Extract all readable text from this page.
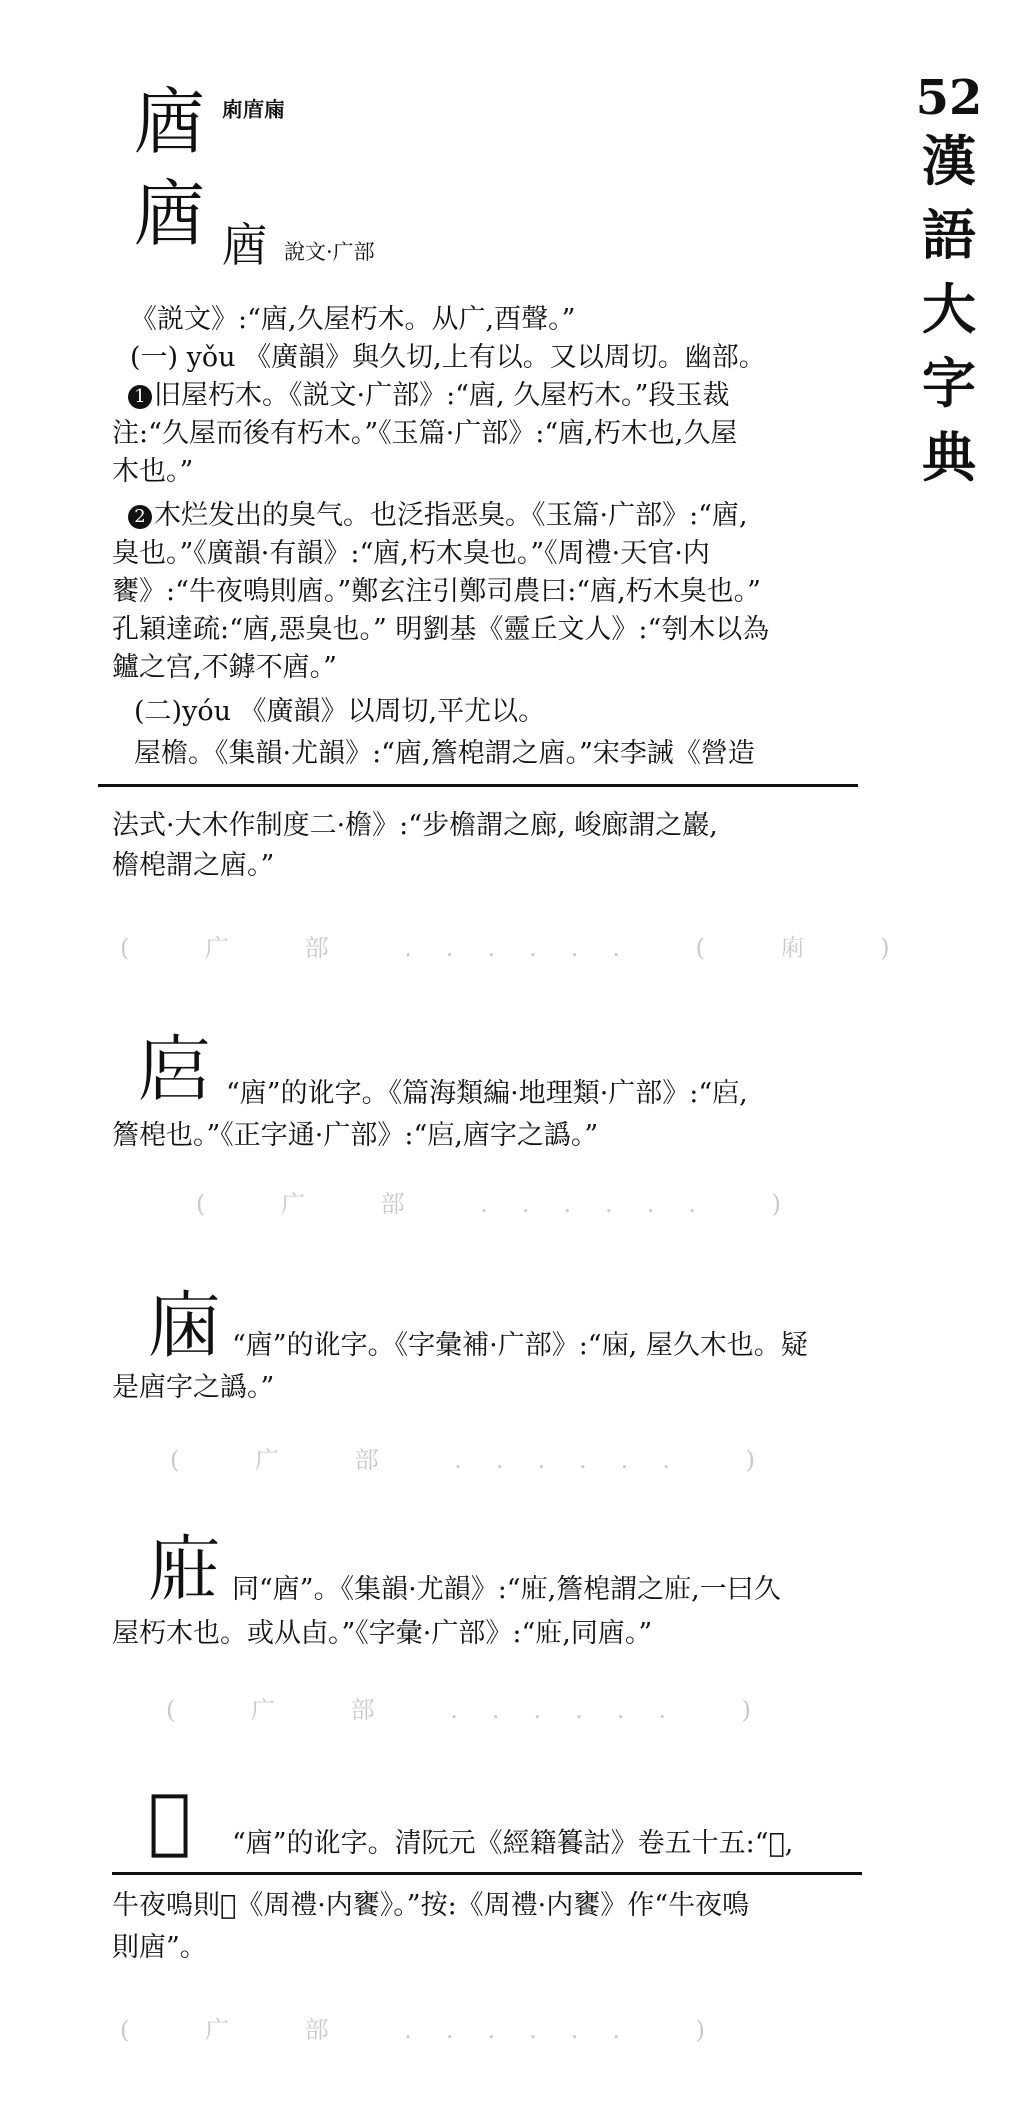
52
漢
語
大
字
典
庮 𢈱𢉧𢉀
庮 庮 說文·广部
《説文》:“庮,久屋朽木。从广,酉聲。”
(一) yǒu 《廣韻》與久切,上有以。又以周切。幽部。
1 旧屋朽木。《説文·广部》:“庮, 久屋朽木。”段玉裁
注:“久屋而後有朽木。”《玉篇·广部》:“庮,朽木也,久屋
木也。”
2 木烂发出的臭气。也泛指恶臭。《玉篇·广部》:“庮,
臭也。”《廣韻·有韻》:“庮,朽木臭也。”《周禮·天官·内
饔》:“牛夜鳴則庮。”鄭玄注引鄭司農曰:“庮,朽木臭也。”
孔穎達疏:“庮,惡臭也。” 明劉基《靈丘文人》:“刳木以為
鑪之宫,不鏬不庮。”
(二)yóu 《廣韻》以周切,平尤以。
屋檐。《集韻·尤韻》:“庮,簷梍謂之庮。”宋李誡《營造
法式·大木作制度二·檐》:“步檐謂之廊, 峻廊謂之巖,
檐梍謂之庮。”
( 广 部 ...... ( 𢈱 )
𢈚 “庮”的讹字。《篇海類編·地理類·广部》:“𢈚,
簷梍也。”《正字通·广部》:“𢈚,庮字之譌。”
( 广 部 ...... )
𢈛 “庮”的讹字。《字彙補·广部》:“𢈛, 屋久木也。疑
是庮字之譌。”
( 广 部 ...... )
𢈜 同“庮”。《集韻·尤韻》:“𢈜,簷梍謂之𢈜,一曰久
屋朽木也。或从卣。”《字彙·广部》:“𢈜,同庮。”
( 广 部 ...... )
𢉷 “庮”的讹字。清阮元《經籍籑詁》卷五十五:“𢉷,
牛夜鳴則𢉷《周禮·内饔》。”按:《周禮·内饔》作“牛夜鳴
則庮”。
( 广 部 ...... )
